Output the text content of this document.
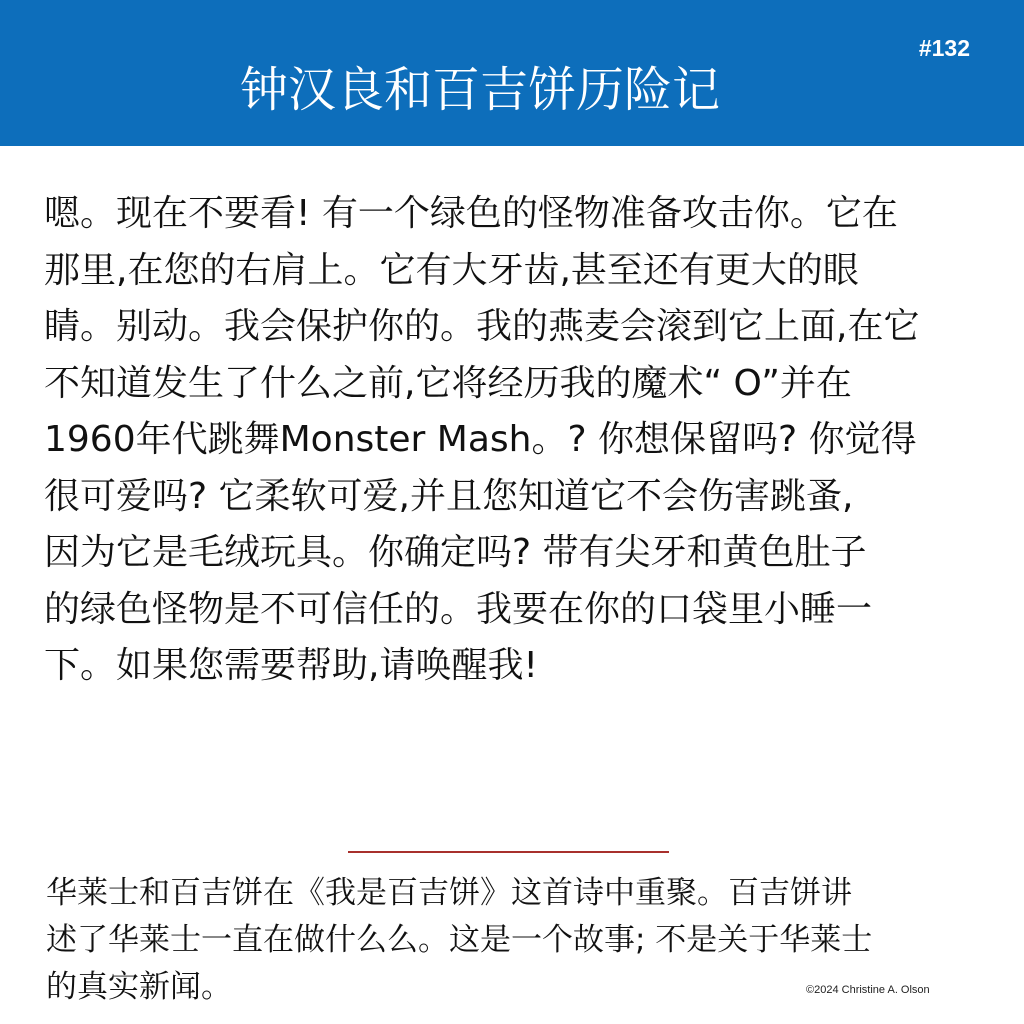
钟汉良和百吉饼历险记
#132
嗯。现在不要看! 有一个绿色的怪物准备攻击你。它在
那里,在您的右肩上。它有大牙齿,甚至还有更大的眼
睛。别动。我会保护你的。我的燕麦会滚到它上面,在它
不知道发生了什么之前,它将经历我的魔术“ O”并在
1960年代跳舞Monster Mash。? 你想保留吗? 你觉得
很可爱吗? 它柔软可爱,并且您知道它不会伤害跳蚤,
因为它是毛绒玩具。你确定吗? 带有尖牙和黄色肚子
的绿色怪物是不可信任的。我要在你的口袋里小睡一
下。如果您需要帮助,请唤醒我!
华莱士和百吉饼在《我是百吉饼》这首诗中重聚。百吉饼讲
述了华莱士一直在做什么么。这是一个故事; 不是关于华莱士
的真实新闻。	©2024 Christine A. Olson
